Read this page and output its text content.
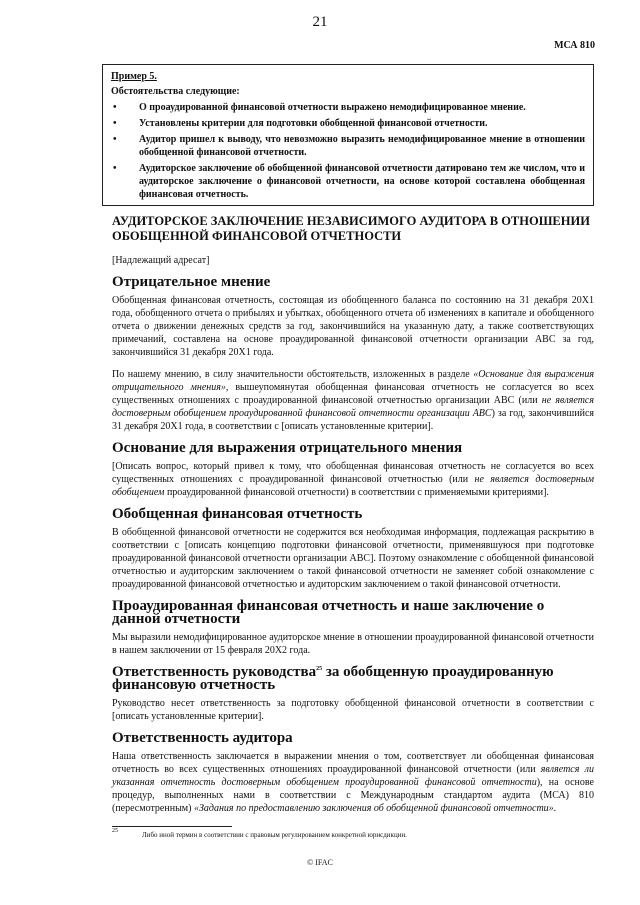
21
МСА 810

Пример 5.

Обстоятельства следующие:

• О проаудированной финансовой отчетности выражено немодифицированное мнение.
• Установлены критерии для подготовки обобщенной финансовой отчетности.
• Аудитор пришел к выводу, что невозможно выразить немодифицированное мнение в отношении обобщенной финансовой отчетности.
• Аудиторское заключение об обобщенной финансовой отчетности датировано тем же числом, что и аудиторское заключение о финансовой отчетности, на основе которой составлена обобщенная финансовая отчетность.
АУДИТОРСКОЕ ЗАКЛЮЧЕНИЕ НЕЗАВИСИМОГО АУДИТОРА В ОТНОШЕНИИ ОБОБЩЕННОЙ ФИНАНСОВОЙ ОТЧЕТНОСТИ

[Надлежащий адресат]

Отрицательное мнение

Обобщенная финансовая отчетность, состоящая из обобщенного баланса по состоянию на 31 декабря 20X1 года, обобщенного отчета о прибылях и убытках, обобщенного отчета об изменениях в капитале и обобщенного отчета о движении денежных средств за год, закончившийся на указанную дату, а также соответствующих примечаний, составлена на основе проаудированной финансовой отчетности организации ABC за год, закончившийся 31 декабря 20X1 года.

По нашему мнению, в силу значительности обстоятельств, изложенных в разделе «Основание для выражения отрицательного мнения», вышеупомянутая обобщенная финансовая отчетность не согласуется во всех существенных отношениях с проаудированной финансовой отчетностью организации ABC (или не является достоверным обобщением проаудированной финансовой отчетности организации ABC) за год, закончившийся 31 декабря 20X1 года, в соответствии с [описать установленные критерии].

Основание для выражения отрицательного мнения

[Описать вопрос, который привел к тому, что обобщенная финансовая отчетность не согласуется во всех существенных отношениях с проаудированной финансовой отчетностью (или не является достоверным обобщением проаудированной финансовой отчетности) в соответствии с применяемыми критериями].

Обобщенная финансовая отчетность

В обобщенной финансовой отчетности не содержится вся необходимая информация, подлежащая раскрытию в соответствии с [описать концепцию подготовки финансовой отчетности, применявшуюся при подготовке проаудированной финансовой отчетности организации ABC]. Поэтому ознакомление с обобщенной финансовой отчетностью и аудиторским заключением о такой финансовой отчетности не заменяет собой ознакомление с проаудированной финансовой отчетностью и аудиторским заключением о такой финансовой отчетности.

Проаудированная финансовая отчетность и наше заключение о данной отчетности

Мы выразили немодифицированное аудиторское мнение в отношении проаудированной финансовой отчетности в нашем заключении от 15 февраля 20X2 года.

Ответственность руководства$^{25}$ за обобщенную проаудированную финансовую отчетность

Руководство несет ответственность за подготовку обобщенной финансовой отчетности в соответствии с [описать установленные критерии].

Ответственность аудитора

Наша ответственность заключается в выражении мнения о том, соответствует ли обобщенная финансовая отчетность во всех существенных отношениях проаудированной финансовой отчетности (или является ли указанная отчетность достоверным обобщением проаудированной финансовой отчетности), на основе процедур, выполненных нами в соответствии с Международным стандартом аудита (МСА) 810 (пересмотренным) «Задания по предоставлению заключения об обобщенной финансовой отчетности».

$^{25}$	Либо иной термин в соответствии с правовым регулированием конкретной юрисдикции.
© IFAC
